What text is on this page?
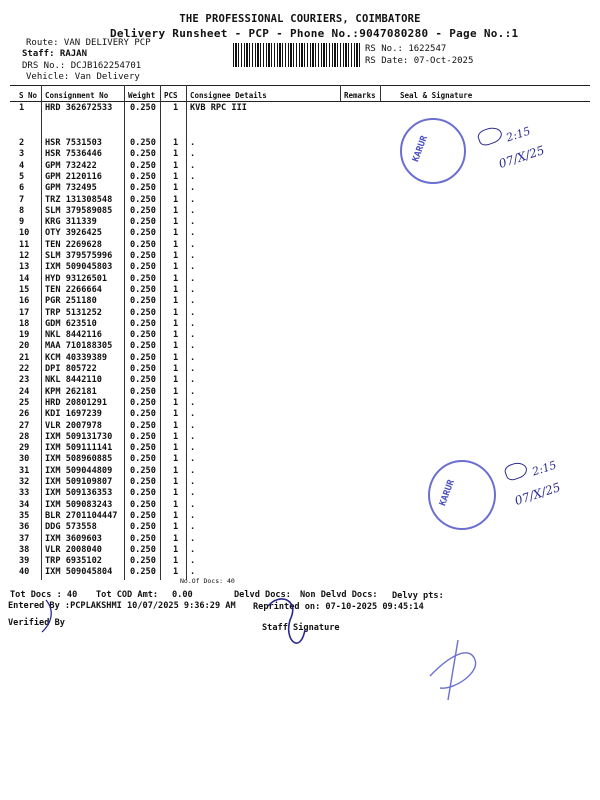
THE PROFESSIONAL COURIERS, COIMBATORE
Delivery Runsheet - PCP - Phone No.:9047080280 - Page No.:1
Route: VAN DELIVERY PCP
Staff: RAJAN
DRS No.: DCJB162254701
Vehicle: Van Delivery
RS No.: 1622547
RS Date: 07-Oct-2025
S No Consignment No	Weight PCS Consignee Details	Remarks	Seal & Signature
1 HRD 362672533 0.250 1 KVB RPC III
2 HSR 7531503	0.250 1 .
3 HSR 7536446	0.250 1 .
4 GPM 732422	0.250 1 .
5 GPM 2120116	0.250 1 .
6 GPM 732495	0.250 1 .
7 TRZ 131308548 0.250 1 .
8 SLM 379589085 0.250 1 .
9 KRG 311339	0.250 1 .
10 OTY 3926425	0.250 1 .
11 TEN 2269628	0.250 1 .
12 SLM 379575996 0.250 1 .
13 IXM 509045803 0.250 1 .
14 HYD 93126501	0.250 1 .
15 TEN 2266664	0.250 1 .
16 PGR 251180	0.250 1 .
17 TRP 5131252	0.250 1 .
18 GDM 623510	0.250 1 .
19 NKL 8442116	0.250 1 .
20 MAA 710188305 0.250 1 .
21 KCM 40339389	0.250 1 .
22 DPI 805722	0.250 1 .
23 NKL 8442110	0.250 1 .
24 KPM 262181	0.250 1 .
25 HRD 20801291	0.250 1 .
26 KDI 1697239	0.250 1 .
27 VLR 2007978	0.250 1 .
28 IXM 509131730 0.250 1 .
29 IXM 509111141 0.250 1 .
30 IXM 508960885 0.250 1 .
31 IXM 509044809 0.250 1 .
32 IXM 509109807 0.250 1 .
33 IXM 509136353 0.250 1 .
34 IXM 509083243 0.250 1 .
35 BLR 2701104447 0.250 1 .
36 DDG 573558	0.250 1 .
37 IXM 3609603	0.250 1 .
38 VLR 2008040	0.250 1 .
39 TRP 6935102	0.250 1 .
40 IXM 509045804 0.250 1 .
KARUR
2:15
07/X/25
KARUR
2:15
07/X/25
No.Of Docs: 40
Tot Docs : 40 Tot COD Amt: 0.00	Delvd Docs: Non Delvd Docs: Delvy pts:
Entered By :PCPLAKSHMI 10/07/2025 9:36:29 AM Reprinted on: 07-10-2025 09:45:14
Verified By	Staff Signature
